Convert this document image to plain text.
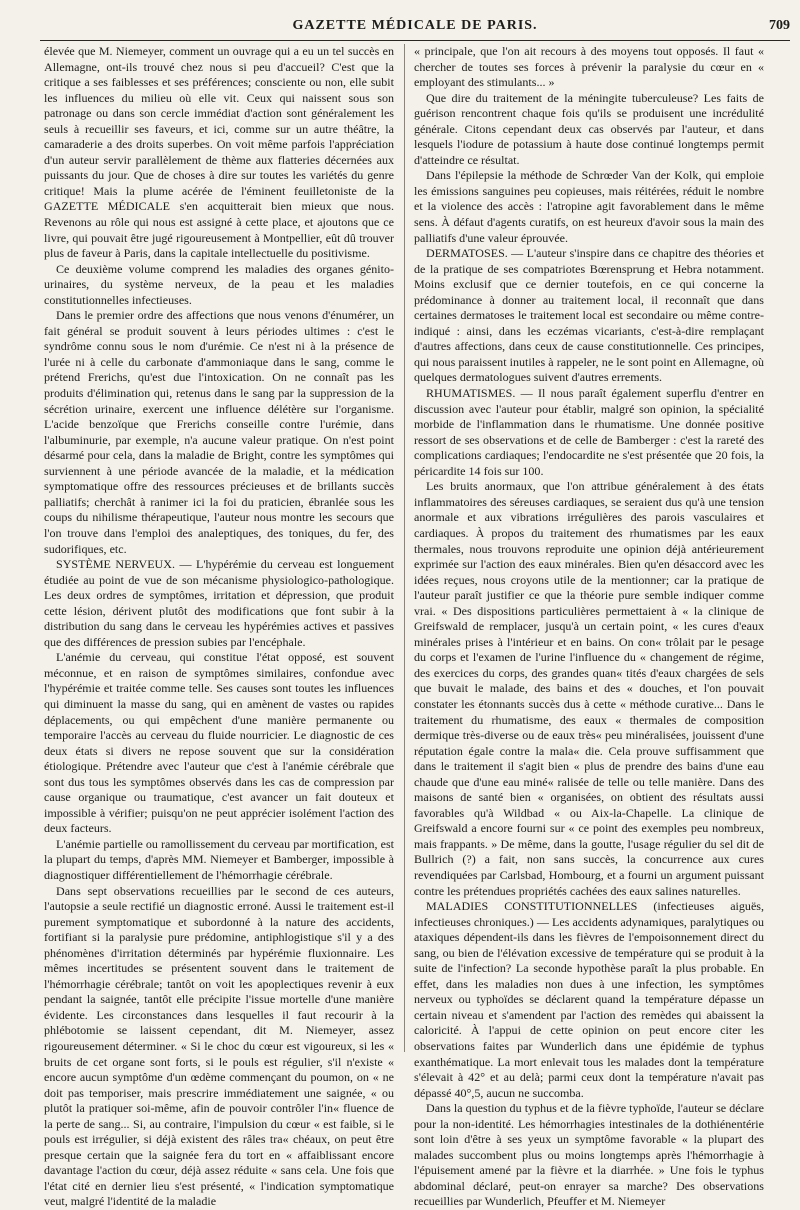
GAZETTE MÉDICALE DE PARIS.	709

élevée que M. Niemeyer, comment un ouvrage qui a eu un tel succès en Allemagne, ont-ils trouvé chez nous si peu d'accueil? C'est que la critique a ses faiblesses et ses préférences; consciente ou non, elle subit les influences du milieu où elle vit. Ceux qui naissent sous son patronage ou dans son cercle immédiat d'action sont généralement les seuls à recueillir ses faveurs, et ici, comme sur un autre théâtre, la camaraderie a des droits superbes. On voit même parfois l'appréciation d'un auteur servir parallèlement de thème aux flatteries décernées aux puissants du jour. Que de choses à dire sur toutes les variétés du genre critique! Mais la plume acérée de l'éminent feuilletoniste de la GAZETTE MÉDICALE s'en acquitterait bien mieux que nous. Revenons au rôle qui nous est assigné à cette place, et ajoutons que ce livre, qui pouvait être jugé rigoureusement à Montpellier, eût dû trouver plus de faveur à Paris, dans la capitale intellectuelle du positivisme.

Ce deuxième volume comprend les maladies des organes génito-urinaires, du système nerveux, de la peau et les maladies constitutionnelles infectieuses.

Dans le premier ordre des affections que nous venons d'énumérer, un fait général se produit souvent à leurs périodes ultimes : c'est le syndrôme connu sous le nom d'urémie. Ce n'est ni à la présence de l'urée ni à celle du carbonate d'ammoniaque dans le sang, comme le prétend Frerichs, qu'est due l'intoxication. On ne connaît pas les produits d'élimination qui, retenus dans le sang par la suppression de la sécrétion urinaire, exercent une influence délétère sur l'organisme. L'acide benzoïque que Frerichs conseille contre l'urémie, dans l'albuminurie, par exemple, n'a aucune valeur pratique. On n'est point désarmé pour cela, dans la maladie de Bright, contre les symptômes qui surviennent à une période avancée de la maladie, et la médication symptomatique offre des ressources précieuses et de brillants succès palliatifs; cherchât à ranimer ici la foi du praticien, ébranlée sous les coups du nihilisme thérapeutique, l'auteur nous montre les secours que l'on trouve dans l'emploi des analeptiques, des toniques, du fer, des sudorifiques, etc.

SYSTÈME NERVEUX. — L'hypérémie du cerveau est longuement étudiée au point de vue de son mécanisme physiologico-pathologique. Les deux ordres de symptômes, irritation et dépression, que produit cette lésion, dérivent plutôt des modifications que font subir à la distribution du sang dans le cerveau les hypérémies actives et passives que des différences de pression subies par l'encéphale.

L'anémie du cerveau, qui constitue l'état opposé, est souvent méconnue, et en raison de symptômes similaires, confondue avec l'hypérémie et traitée comme telle. Ses causes sont toutes les influences qui diminuent la masse du sang, qui en amènent de vastes ou rapides déplacements, ou qui empêchent d'une manière permanente ou temporaire l'accès au cerveau du fluide nourricier. Le diagnostic de ces deux états si divers ne repose souvent que sur la considération étiologique. Prétendre avec l'auteur que c'est à l'anémie cérébrale que sont dus tous les symptômes observés dans les cas de compression par cause organique ou traumatique, c'est avancer un fait douteux et impossible à vérifier; puisqu'on ne peut apprécier isolément l'action des deux facteurs.

L'anémie partielle ou ramollissement du cerveau par mortification, est la plupart du temps, d'après MM. Niemeyer et Bamberger, impossible à diagnostiquer différentiellement de l'hémorrhagie cérébrale.

Dans sept observations recueillies par le second de ces auteurs, l'autopsie a seule rectifié un diagnostic erroné. Aussi le traitement est-il purement symptomatique et subordonné à la nature des accidents, fortifiant si la paralysie pure prédomine, antiphlogistique s'il y a des phénomènes d'irritation déterminés par hypérémie fluxionnaire. Les mêmes incertitudes se présentent souvent dans le traitement de l'hémorrhagie cérébrale; tantôt on voit les apoplectiques revenir à eux pendant la saignée, tantôt elle précipite l'issue mortelle d'une manière évidente. Les circonstances dans lesquelles il faut recourir à la phlébotomie se laissent cependant, dit M. Niemeyer, assez rigoureusement déterminer. « Si le choc du cœur est vigoureux, si les « bruits de cet organe sont forts, si le pouls est régulier, s'il n'existe « encore aucun symptôme d'un œdème commençant du poumon, on « ne doit pas temporiser, mais prescrire immédiatement une saignée, « ou plutôt la pratiquer soi-même, afin de pouvoir contrôler l'in« fluence de la perte de sang... Si, au contraire, l'impulsion du cœur « est faible, si le pouls est irrégulier, si déjà existent des râles tra« chéaux, on peut être presque certain que la saignée fera du tort en « affaiblissant encore davantage l'action du cœur, déjà assez réduite « sans cela. Une fois que l'état cité en dernier lieu s'est présenté, « l'indication symptomatique veut, malgré l'identité de la maladie

« principale, que l'on ait recours à des moyens tout opposés. Il faut « chercher de toutes ses forces à prévenir la paralysie du cœur en « employant des stimulants... »

Que dire du traitement de la méningite tuberculeuse? Les faits de guérison rencontrent chaque fois qu'ils se produisent une incrédulité générale. Citons cependant deux cas observés par l'auteur, et dans lesquels l'iodure de potassium à haute dose continué longtemps permit d'atteindre ce résultat.

Dans l'épilepsie la méthode de Schrœder Van der Kolk, qui emploie les émissions sanguines peu copieuses, mais réitérées, réduit le nombre et la violence des accès : l'atropine agit favorablement dans le même sens. À défaut d'agents curatifs, on est heureux d'avoir sous la main des palliatifs d'une valeur éprouvée.

DERMATOSES. — L'auteur s'inspire dans ce chapitre des théories et de la pratique de ses compatriotes Bœrensprung et Hebra notamment. Moins exclusif que ce dernier toutefois, en ce qui concerne la prédominance à donner au traitement local, il reconnaît que dans certaines dermatoses le traitement local est secondaire ou même contre-indiqué : ainsi, dans les eczémas vicariants, c'est-à-dire remplaçant d'autres affections, dans ceux de cause constitutionnelle. Ces principes, qui nous paraissent inutiles à rappeler, ne le sont point en Allemagne, où quelques dermatologues suivent d'autres errements.

RHUMATISMES. — Il nous paraît également superflu d'entrer en discussion avec l'auteur pour établir, malgré son opinion, la spécialité morbide de l'inflammation dans le rhumatisme. Une donnée positive ressort de ses observations et de celle de Bamberger : c'est la rareté des complications cardiaques; l'endocardite ne s'est présentée que 20 fois, la péricardite 14 fois sur 100.

Les bruits anormaux, que l'on attribue généralement à des états inflammatoires des séreuses cardiaques, se seraient dus qu'à une tension anormale et aux vibrations irrégulières des parois vasculaires et cardiaques. À propos du traitement des rhumatismes par les eaux thermales, nous trouvons reproduite une opinion déjà antérieurement exprimée sur l'action des eaux minérales. Bien qu'en désaccord avec les idées reçues, nous croyons utile de la mentionner; car la pratique de l'auteur paraît justifier ce que la théorie pure semble indiquer comme vrai. « Des dispositions particulières permettaient à « la clinique de Greifswald de remplacer, jusqu'à un certain point, « les cures d'eaux minérales prises à l'intérieur et en bains. On con« trôlait par le pesage du corps et l'examen de l'urine l'influence du « changement de régime, des exercices du corps, des grandes quan« tités d'eaux chargées de sels que buvait le malade, des bains et des « douches, et l'on pouvait constater les étonnants succès dus à cette « méthode curative... Dans le traitement du rhumatisme, des eaux « thermales de composition dermique très-diverse ou de eaux très« peu minéralisées, jouissent d'une réputation égale contre la mala« die. Cela prouve suffisamment que dans le traitement il s'agit bien « plus de prendre des bains d'une eau chaude que d'une eau miné« ralisée de telle ou telle manière. Dans des maisons de santé bien « organisées, on obtient des résultats aussi favorables qu'à Wildbad « ou Aix-la-Chapelle. La clinique de Greifswald a encore fourni sur « ce point des exemples peu nombreux, mais frappants. » De même, dans la goutte, l'usage régulier du sel dit de Bullrich (?) a fait, non sans succès, la concurrence aux cures revendiquées par Carlsbad, Hombourg, et a fourni un argument puissant contre les prétendues propriétés cachées des eaux salines naturelles.

MALADIES CONSTITUTIONNELLES (infectieuses aiguës, infectieuses chroniques.) — Les accidents adynamiques, paralytiques ou ataxiques dépendent-ils dans les fièvres de l'empoisonnement direct du sang, ou bien de l'élévation excessive de température qui se produit à la suite de l'infection? La seconde hypothèse paraît la plus probable. En effet, dans les maladies non dues à une infection, les symptômes nerveux ou typhoïdes se déclarent quand la température dépasse un certain niveau et s'amendent par l'action des remèdes qui abaissent la caloricité. À l'appui de cette opinion on peut encore citer les observations faites par Wunderlich dans une épidémie de typhus exanthématique. La mort enlevait tous les malades dont la température s'élevait à 42° et au delà; parmi ceux dont la température n'avait pas dépassé 40°,5, aucun ne succomba.

Dans la question du typhus et de la fièvre typhoïde, l'auteur se déclare pour la non-identité. Les hémorrhagies intestinales de la dothiénentérie sont loin d'être à ses yeux un symptôme favorable « la plupart des malades succombent plus ou moins longtemps après l'hémorrhagie à l'épuisement amené par la fièvre et la diarrhée. » Une fois le typhus abdominal déclaré, peut-on enrayer sa marche? Des observations recueillies par Wunderlich, Pfeuffer et M. Niemeyer
